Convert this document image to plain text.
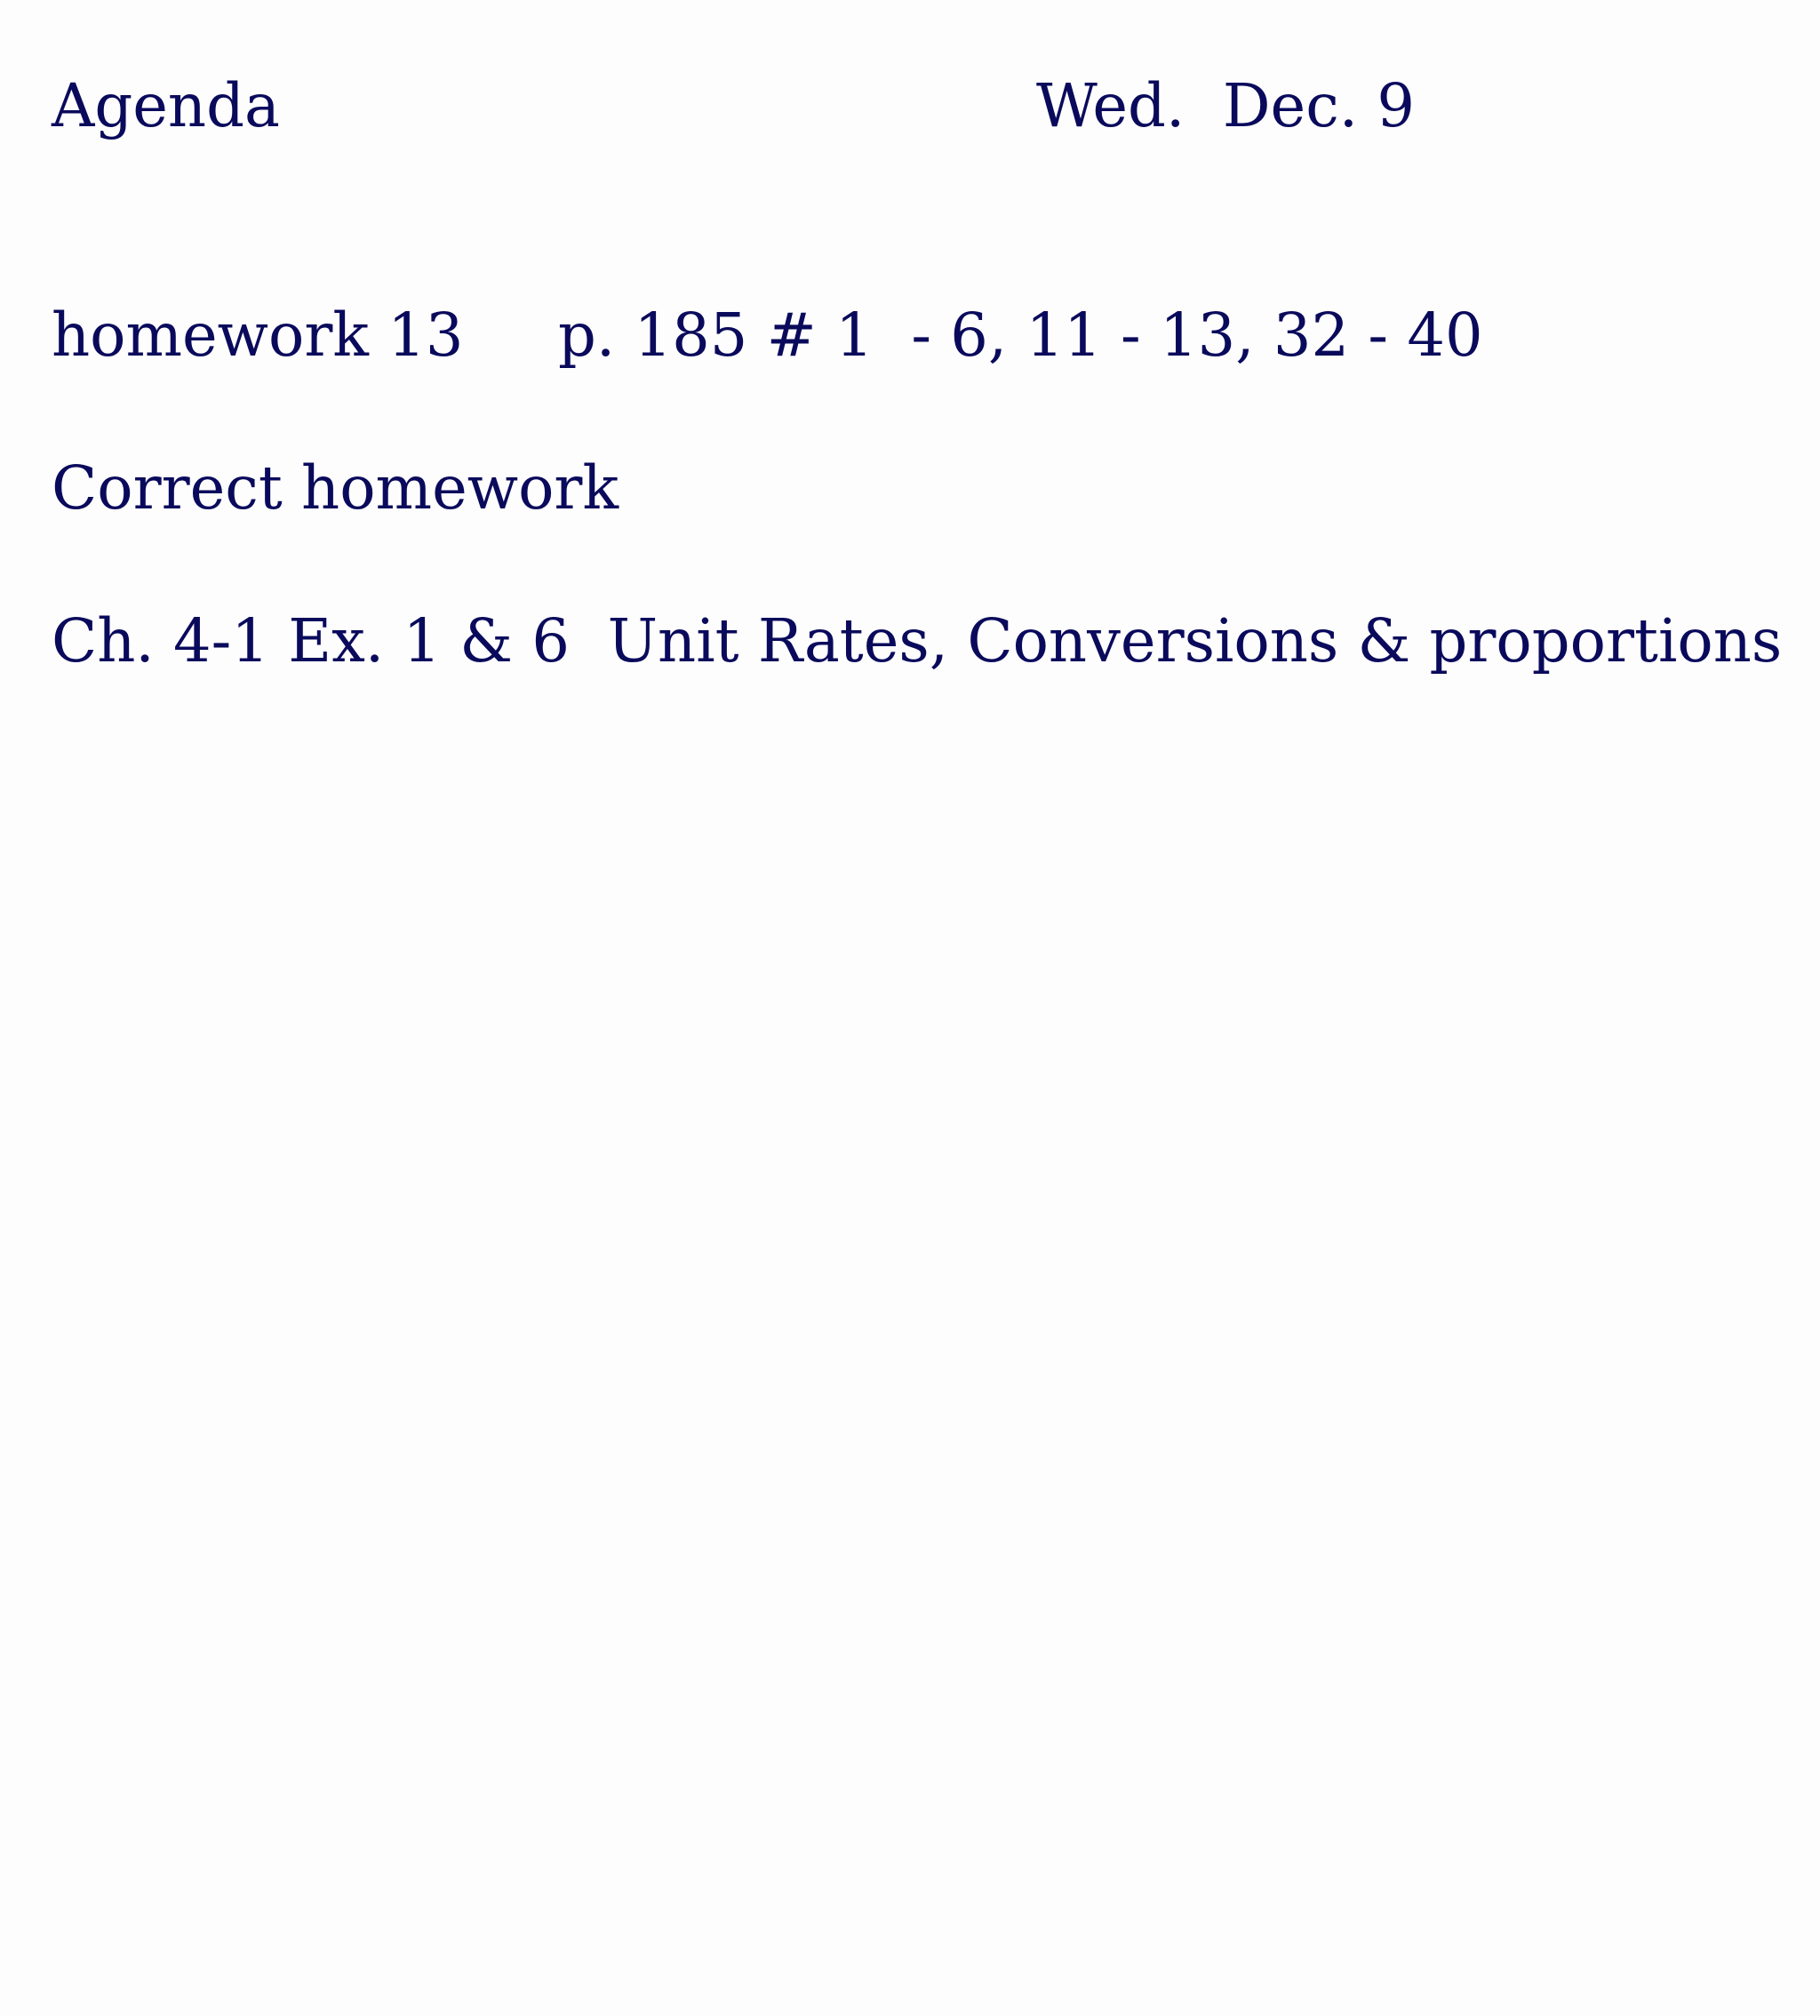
Agenda	Wed.  Dec. 9
homework 13     p. 185 # 1  - 6, 11 - 13, 32 - 40
Correct homework
Ch. 4-1 Ex. 1 & 6  Unit Rates, Conversions & proportions
